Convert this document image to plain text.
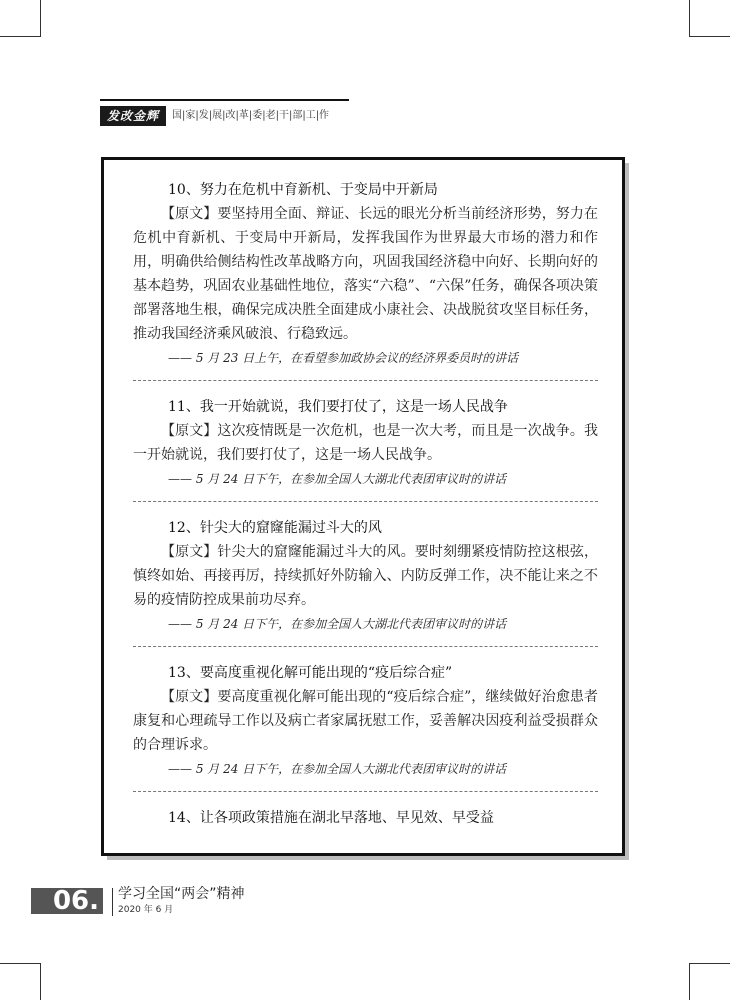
发改金辉	国|家|发|展|改|革|委|老|干|部|工|作

10、努力在危机中育新机、于变局中开新局

【原文】要坚持用全面、辩证、长远的眼光分析当前经济形势，努力在危机中育新机、于变局中开新局，发挥我国作为世界最大市场的潜力和作用，明确供给侧结构性改革战略方向，巩固我国经济稳中向好、长期向好的基本趋势，巩固农业基础性地位，落实“六稳”、“六保”任务，确保各项决策部署落地生根，确保完成决胜全面建成小康社会、决战脱贫攻坚目标任务，推动我国经济乘风破浪、行稳致远。

—— 5 月 23 日上午，在看望参加政协会议的经济界委员时的讲话

11、我一开始就说，我们要打仗了，这是一场人民战争

【原文】这次疫情既是一次危机，也是一次大考，而且是一次战争。我一开始就说，我们要打仗了，这是一场人民战争。

—— 5 月 24 日下午，在参加全国人大湖北代表团审议时的讲话

12、针尖大的窟窿能漏过斗大的风

【原文】针尖大的窟窿能漏过斗大的风。要时刻绷紧疫情防控这根弦，慎终如始、再接再厉，持续抓好外防输入、内防反弹工作，决不能让来之不易的疫情防控成果前功尽弃。

—— 5 月 24 日下午，在参加全国人大湖北代表团审议时的讲话

13、要高度重视化解可能出现的“疫后综合症”

【原文】要高度重视化解可能出现的“疫后综合症”，继续做好治愈患者康复和心理疏导工作以及病亡者家属抚慰工作，妥善解决因疫利益受损群众的合理诉求。

—— 5 月 24 日下午，在参加全国人大湖北代表团审议时的讲话

14、让各项政策措施在湖北早落地、早见效、早受益

06. 学习全国“两会”精神
2020 年 6 月
